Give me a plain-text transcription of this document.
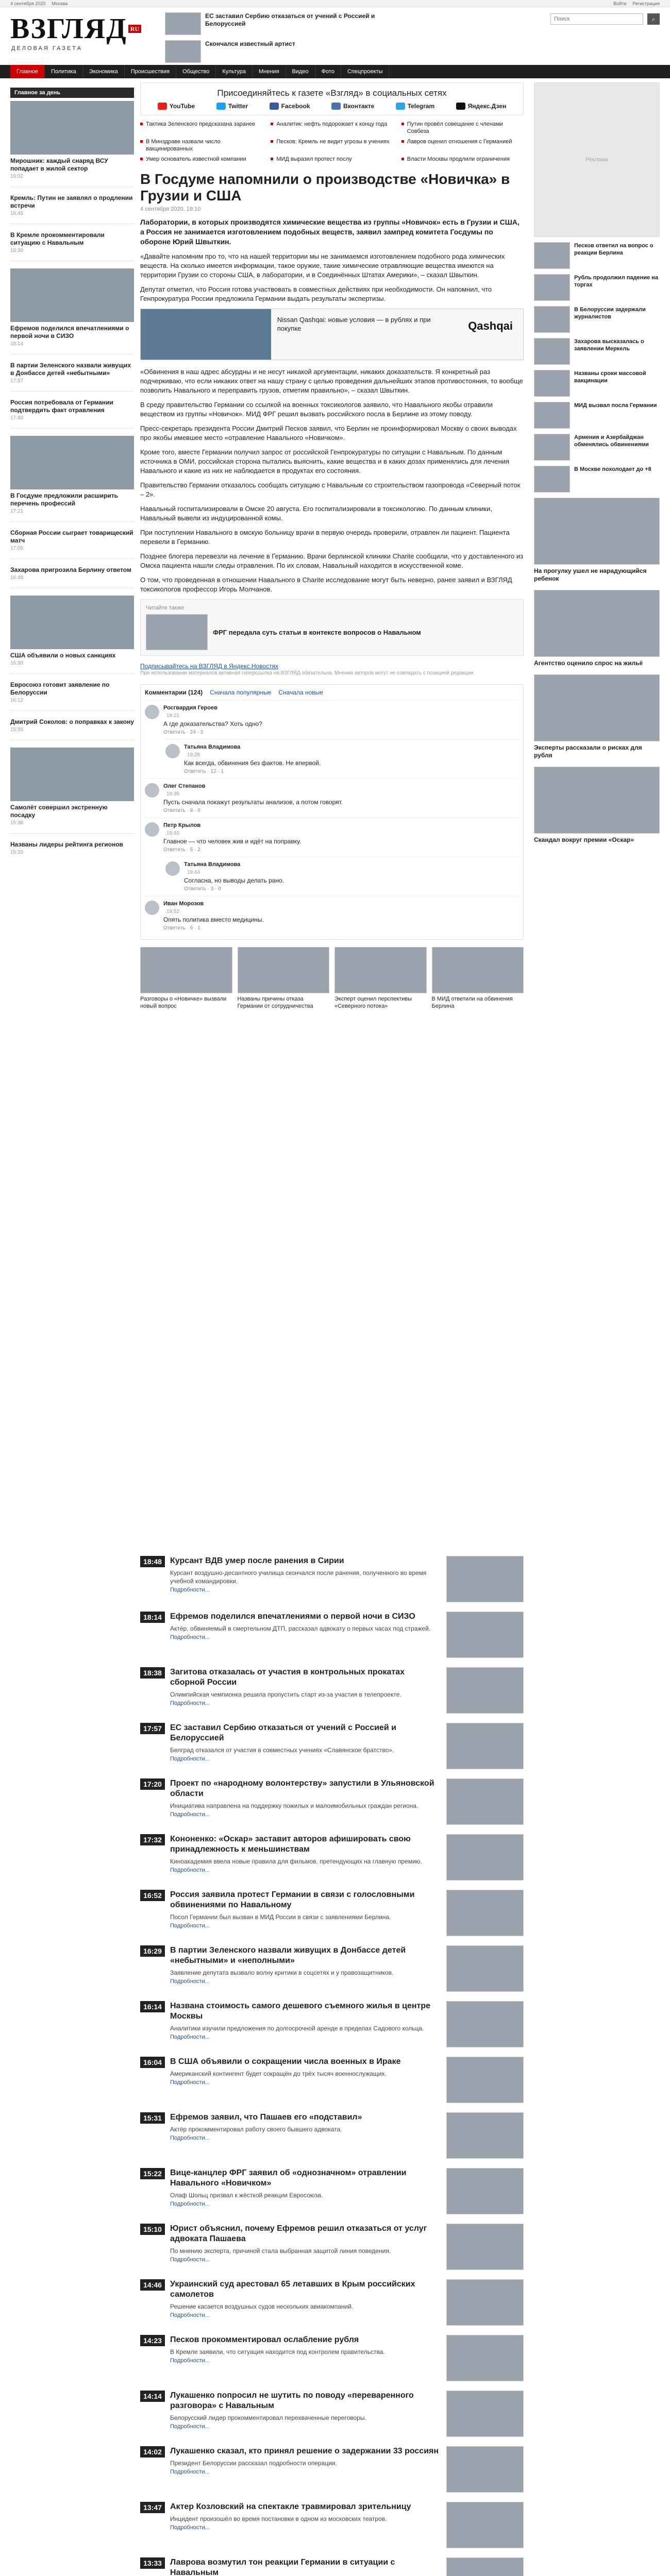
4 сентября 2020 Москва	Войти Регистрация
ВЗГЛЯД $^{RU}$
ДЕЛОВАЯ ГАЗЕТА
ЕС заставил Сербию отказаться от учений с Россией и Белоруссией
Скончался известный артист
Поиск
⌕
Главное	Политика	Экономика	Происшествия	Общество	Культура	Мнения	Видео	Фото	Спецпроекты
Главное за день
Мирошник: каждый снаряд ВСУ попадает в жилой сектор
19:02
Кремль: Путин не заявлял о продлении встречи
18:45
В Кремле прокомментировали ситуацию с Навальным
18:30
Ефремов поделился впечатлениями о первой ночи в СИЗО
18:14
В партии Зеленского назвали живущих в Донбассе детей «небытными»
17:57
Россия потребовала от Германии подтвердить факт отравления
17:40
В Госдуме предложили расширить перечень профессий
17:21
Сборная России сыграет товарищеский матч
17:05
Захарова пригрозила Берлину ответом
16:48
США объявили о новых санкциях
16:30
Евросоюз готовит заявление по Белоруссии
16:12
Дмитрий Соколов: о поправках к закону
15:55
Самолёт совершил экстренную посадку
15:38
Названы лидеры рейтинга регионов
15:20
Присоединяйтесь к газете «Взгляд» в социальных сетях
YouTube	Twitter	Facebook	Вконтакте	Telegram	Яндекс.Дзен
Тактика Зеленского предсказана заранее	Аналитик: нефть подорожает к концу года	Путин провёл совещание с членами Совбеза
В Минздраве назвали число вакцинированных
Песков: Кремль не видит угрозы в учениях	Лавров оценил отношения с Германией
Умер основатель известной компании	МИД выразил протест послу	Власти Москвы продлили ограничения
В Госдуме напомнили о производстве «Новичка» в Грузии и США
4 сентября 2020, 19:10

Лаборатории, в которых производятся химические вещества из группы «Новичок» есть в Грузии и США, а Россия не занимается изготовлением подобных веществ, заявил зампред комитета Госдумы по обороне Юрий Швыткин.

«Давайте напомним про то, что на нашей территории мы не занимаемся изготовлением подобного рода химических веществ. На сколько имеется информации, такое оружие, такие химические отравляющие вещества имеются на территории Грузии со стороны США, в лаборатории, и в Соединённых Штатах Америки», – сказал Швыткин.

Депутат отметил, что Россия готова участвовать в совместных действиях при необходимости. Он напомнил, что Генпрокуратура России предложила Германии выдать результаты экспертизы.

Nissan Qashqai: новые условия — в рублях и при покупке	Qashqai

«Обвинения в наш адрес абсурдны и не несут никакой аргументации, никаких доказательств. Я конкретный раз подчеркиваю, что если никаких ответ на нашу страну с целью проведения дальнейших этапов противостояния, то вообще позволить Навального и переправить грузов, отметим правильно», – сказал Швыткин.

В среду правительство Германии со ссылкой на военных токсикологов заявило, что Навального якобы отравили веществом из группы «Новичок». МИД ФРГ решил вызвать российского посла в Берлине из этому поводу.

Пресс-секретарь президента России Дмитрий Песков заявил, что Берлин не проинформировал Москву о своих выводах про якобы имевшее место «отравление Навального «Новичком».

Кроме того, вместе Германии получил запрос от российской Генпрокуратуры по ситуации с Навальным. По данным источника в ОМИ, российская сторона пытались выяснить, какие вещества и в каких дозах применялись для лечения Навального и какие из них не наблюдается в продуктах его состояния.

Правительство Германии отказалось сообщать ситуацию с Навальным со строительством газопровода «Северный поток – 2».

Навальный госпитализировали в Омске 20 августа. Его госпитализировали в токсикологию. По данным клиники, Навальный вывели из индуцированной комы.

При поступлении Навального в омскую больницу врачи в первую очередь проверили, отравлен ли пациент. Пациента перевели в Германию.

Позднее блогера перевезли на лечение в Германию. Врачи берлинской клиники Charite сообщили, что у доставленного из Омска пациента нашли следы отравления. По их словам, Навальный находится в искусственной коме.

О том, что проведенная в отношении Навального в Charite исследование могут быть неверно, ранее заявил и ВЗГЛЯД токсикологов профессор Игорь Молчанов.

Читайте также
ФРГ передала суть статьи в контексте вопросов о Навальном
Подписывайтесь на ВЗГЛЯД в Яндекс.Новостях

При использовании материалов активная гиперссылка на ВЗГЛЯД обязательна. Мнения авторов могут не совпадать с позицией редакции.

Комментарии (124) Сначала популярные Сначала новые
Росгвардия Героев
19:21
А где доказательства? Хоть одно?
Ответить · 24 · 3
Татьяна Владимова
19:28
Как всегда, обвинения без фактов. Не впервой.
Ответить · 12 · 1
Олег Степанов
19:35
Пусть сначала покажут результаты анализов, а потом говорят.
Ответить · 8 · 0
Петр Крылов
19:40
Главное — что человек жив и идёт на поправку.
Ответить · 5 · 2
Татьяна Владимова
19:44
Согласна, но выводы делать рано.
Ответить · 3 · 0
Иван Морозов
19:52
Опять политика вместо медицины.
Ответить · 6 · 1
Разговоры о «Новичке» вызвали новый вопрос
Названы причины отказа Германии от сотрудничества
Эксперт оценил перспективы «Северного потока»
В МИД ответили на обвинения Берлина
Реклама
Песков ответил на вопрос о реакции Берлина
Рубль продолжил падение на торгах
В Белоруссии задержали журналистов
Захарова высказалась о заявлении Меркель
Названы сроки массовой вакцинации
МИД вызвал посла Германии
Армения и Азербайджан обменялись обвинениями
В Москве похолодает до +8
На прогулку ушел не нарадующийся ребенок
Агентство оценило спрос на жильё
Эксперты рассказали о рисках для рубля
Скандал вокруг премии «Оскар»
18:48	Курсант ВДВ умер после ранения в Сирии
Курсант воздушно-десантного училища скончался после ранения, полученного во время учебной командировки.
Подробности...
18:14	Ефремов поделился впечатлениями о первой ночи в СИЗО
Актёр, обвиняемый в смертельном ДТП, рассказал адвокату о первых часах под стражей.
Подробности...
18:38	Загитова отказалась от участия в контрольных прокатах сборной России
Олимпийская чемпионка решила пропустить старт из-за участия в телепроекте.
Подробности...
17:57	ЕС заставил Сербию отказаться от учений с Россией и Белоруссией
Белград отказался от участия в совместных учениях «Славянское братство».
Подробности...
17:20	Проект по «народному волонтерству» запустили в Ульяновской области
Инициатива направлена на поддержку пожилых и малоимобильных граждан региона.
Подробности...
17:32	Кононенко: «Оскар» заставит авторов афишировать свою принадлежность к меньшинствам
Киноакадемия ввела новые правила для фильмов, претендующих на главную премию.
Подробности...
16:52	Россия заявила протест Германии в связи с голословными обвинениями по Навальному
Посол Германии был вызван в МИД России в связи с заявлениями Берлина.
Подробности...
16:29	В партии Зеленского назвали живущих в Донбассе детей «небытными» и «неполными»
Заявление депутата вызвало волну критики в соцсетях и у правозащитников.
Подробности...
16:14	Названа стоимость самого дешевого съемного жилья в центре Москвы
Аналитики изучили предложения по долгосрочной аренде в пределах Садового кольца.
Подробности...
16:04	В США объявили о сокращении числа военных в Ираке
Американский контингент будет сокращён до трёх тысяч военнослужащих.
Подробности...
15:31	Ефремов заявил, что Пашаев его «подставил»
Актёр прокомментировал работу своего бывшего адвоката.
Подробности...
15:22	Вице-канцлер ФРГ заявил об «однозначном» отравлении Навального «Новичком»
Олаф Шольц призвал к жёсткой реакции Евросоюза.
Подробности...
15:10	Юрист объяснил, почему Ефремов решил отказаться от услуг адвоката Пашаева
По мнению эксперта, причиной стала выбранная защитой линия поведения.
Подробности...
14:46	Украинский суд арестовал 65 летавших в Крым российских самолетов
Решение касается воздушных судов нескольких авиакомпаний.
Подробности...
14:23	Песков прокомментировал ослабление рубля
В Кремле заявили, что ситуация находится под контролем правительства.
Подробности...
14:14	Лукашенко попросил не шутить по поводу «переваренного разговора» с Навальным
Белорусский лидер прокомментировал перехваченные переговоры.
Подробности...
14:02	Лукашенко сказал, кто принял решение о задержании 33 россиян
Президент Белоруссии рассказал подробности операции.
Подробности...
13:47	Актер Козловский на спектакле травмировал зрительницу
Инцидент произошёл во время постановки в одном из московских театров.
Подробности...
13:33	Лаврова возмутил тон реакции Германии в ситуации с Навальным
